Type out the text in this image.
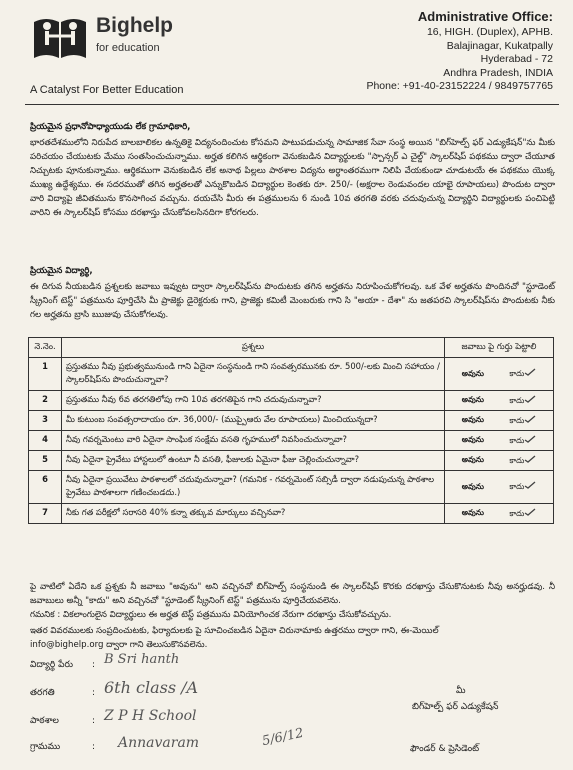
Bighelp
for education
A Catalyst For Better Education
Administrative Office:
16, HIGH. (Duplex), APHB.
Balajinagar, Kukatpally
Hyderabad - 72
Andhra Pradesh, INDIA
Phone: +91-40-23152224 / 9849757765
ప్రియమైన ప్రధానోపాధ్యాయుడు లేక గ్రామాధికారి,
భారతదేశములోని నిరుపేద బాలబాలికల ఉన్నతికై విద్యనందించుట కోసమని పాటుపడుచున్న సామాజిక సేవా సంస్థ అయిన "బిగ్‌హెల్ప్ ఫర్ ఎడ్యుకేషన్"ను మీకు పరిచయం చేయుటకు మేము సంతసించుచున్నాము. అర్హత కలిగిన ఆర్థికంగా వెనుకబడిన విద్యార్థులకు "స్పాన్సర్ ఎ చైల్డ్" స్కాలర్‌షిప్ పథకము ద్వారా చేయూత నిచ్చుటకు పూనుకున్నాము. ఆర్థికముగా వెనుకబడిన లేక అనాథ పిల్లలు పాఠశాల విద్యను అర్థాంతరముగా నిలిపి వేయకుండా చూడుటయే ఈ పథకము యొక్క ముఖ్య ఉద్దేశ్యము. ఈ సదరముతో తగిన అర్హతలతో ఎన్నుకొబడిన విద్యార్థుల కెంతకు రూ. 250/- (అక్షరాల రెండువందల యాభై రూపాయలు) పొందుట ద్వారా వారి విద్యాపై జీవితమును కొనసాగించ వచ్చును. దయచేసి మీరు ఈ పత్రములను 6 నుండి 10వ తరగతి వరకు చదువుచున్న విద్యార్థిని విద్యార్థులకు పంచిపెట్టి వారిని ఈ స్కాలర్‌షిప్ కోసము దరఖాస్తు చేసుకోవలసినదిగా కోరగలరు.
ప్రియమైన విద్యార్థి,
ఈ దిగువ నీయబడిన ప్రశ్నలకు జవాబు ఇవ్వుట ద్వారా స్కాలర్‌షిప్‌ను పొందుటకు తగిన అర్హతను నిరూపించుకోగలవు. ఒక వేళ అర్హతను పొందినచో "స్టూడెంట్ స్క్రీనింగ్ టెస్ట్" పత్రమును పూర్తిచేసి మీ ప్రాజెక్టు డైరెక్టరుకు గాని, ప్రాజెక్టు కమిటీ మెంబరుకు గాని సి "అయా - దేశా" ను జతపరచి స్కాలర్‌షిప్‌ను పొందుటకు నీకు గల అర్హతను బ్రాసి ఋజువు చేసుకోగలవు.
నె.నెం.	ప్రశ్నలు	జవాబు పై గుర్తు పెట్టాలి
1	ప్రస్తుతము నీవు ప్రభుత్వమునుండి గాని ఏదైనా సంస్థనుండి గాని సంవత్సరమునకు రూ. 500/-లకు మించి సహాయం / స్కాలర్‌షిప్‌ను పొందుచున్నావా?	అవును కాదు

2	ప్రస్తుతము నీవు 6వ తరగతిలోపు గాని 10వ తరగతిపైన గాని చదువుచున్నావా?	అవును కాదు

3	మీ కుటుంబ సంవత్సరాదాయం రూ. 36,000/- (ముప్పైఆరు వేల రూపాయలు) మించియున్నదా?	అవును కాదు

4	నీవు గవర్నమెంటు వారి ఏదైనా సాంఘిక సంక్షేమ వసతి గృహములో నివసించుచున్నావా?	అవును కాదు

5	నీవు ఏదైనా ప్రైవేటు హాస్టలులో ఉంటూ నీ వసతి, ఫీజులకు ఏమైనా ఫీజు చెల్లించుచున్నావా?	అవును కాదు

6	నీవు ఏదైనా ప్రయివేటు పాఠశాలలో చదువుచున్నావా? (గమనిక - గవర్నమెంట్ సబ్సిడీ ద్వారా నడుపుచున్న పాఠశాల ప్రైవేటు పాఠశాలగా గణించబడదు.)	అవును కాదు

7	నీకు గత పరీక్షలో సరాసరి 40% కన్నా తక్కువ మార్కులు వచ్చినవా?	అవును కాదు
పై వాటిలో ఏదేని ఒక ప్రశ్నకు నీ జవాబు "అవును" అని వచ్చినచో బిగ్‌హెల్ప్ సంస్థనుండి ఈ స్కాలర్‌షిప్ కొరకు దరఖాస్తు చేసుకొనుటకు నీవు అనర్హుడవు. నీ జవాబులు అన్నీ "కాదు" అని వచ్చినచో "స్టూడెంట్ స్క్రీనింగ్ టెస్ట్" పత్రమును పూర్తిచేయవలెను.
గమనిక : వికలాంగులైన విద్యార్థులు ఈ అర్హత టెస్ట్ పత్రమును వినియోగించక నేరుగా దరఖాస్తు చేసుకోవచ్చును.
ఇతర వివరములకు సంప్రదించుటకు, ఫిర్యాదులకు పై సూచించబడిన ఏదైనా చిరునామాకు ఉత్తరము ద్వారా గాని, ఈ-మెయిల్
info@bighelp.org ద్వారా గాని తెలుసుకొనవలెను.
విద్యార్థి పేరు : B Sri hanth
తరగతి	: 6th class /A
పాఠశాల	: Z P H School
గ్రామము	: Annavaram	5/6/12
మీ
బిగ్‌హెల్ప్ ఫర్ ఎడ్యుకేషన్
ఫౌండర్ & ప్రెసిడెంట్
